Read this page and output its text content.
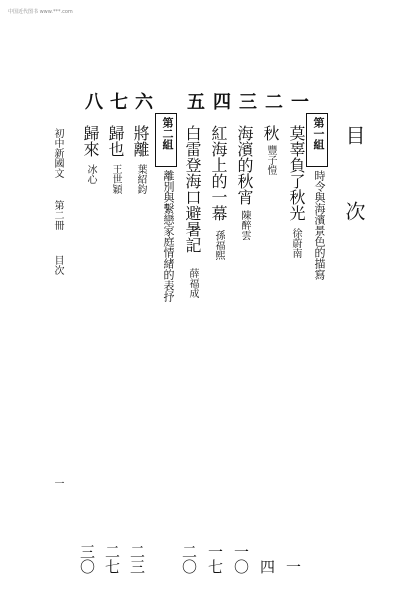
中国近代图书 www.***.com
目 次
第一組
時令與海濱景色的描寫
一
莫辜負了秋光
徐蔚南
二
秋
豐子愷
三
海濱的秋宵
陳醉雲
四
紅海上的一幕
孫福熙
五
白雷登海口避暑記
薛福成
第二組
離別與繫戀家庭情緒的表抒
六
將離
葉紹鈞
七
歸也
王世穎
八
歸來
冰心
一
四
一〇
一七
二〇
二三
二七
三〇
初中新國文
第二冊
目次
一
